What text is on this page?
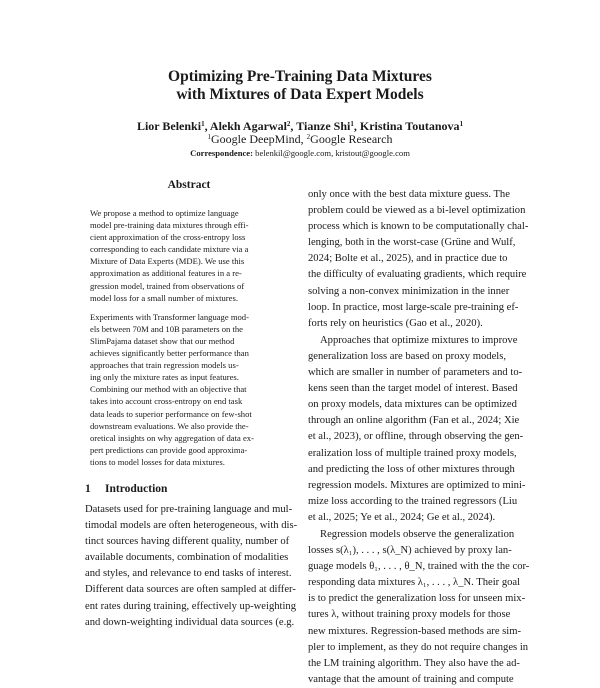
Optimizing Pre-Training Data Mixtures
with Mixtures of Data Expert Models
Lior Belenki$^1$, Alekh Agarwal$^2$, Tianze Shi$^1$, Kristina Toutanova$^1$
$^1$Google DeepMind, $^2$Google Research
Correspondence: belenkil@google.com, kristout@google.com
Abstract
We propose a method to optimize language
model pre-training data mixtures through effi-
cient approximation of the cross-entropy loss
corresponding to each candidate mixture via a
Mixture of Data Experts (MDE). We use this
approximation as additional features in a re-
gression model, trained from observations of
model loss for a small number of mixtures.
Experiments with Transformer language mod-
els between 70M and 10B parameters on the
SlimPajama dataset show that our method
achieves significantly better performance than
approaches that train regression models us-
ing only the mixture rates as input features.
Combining our method with an objective that
takes into account cross-entropy on end task
data leads to superior performance on few-shot
downstream evaluations. We also provide the-
oretical insights on why aggregation of data ex-
pert predictions can provide good approxima-
tions to model losses for data mixtures.
1 Introduction
Datasets used for pre-training language and mul-
timodal models are often heterogeneous, with dis-
tinct sources having different quality, number of
available documents, combination of modalities
and styles, and relevance to end tasks of interest.
Different data sources are often sampled at differ-
ent rates during training, effectively up-weighting
and down-weighting individual data sources (e.g.
only once with the best data mixture guess. The
problem could be viewed as a bi-level optimization
process which is known to be computationally chal-
lenging, both in the worst-case (Grüne and Wulf,
2024; Bolte et al., 2025), and in practice due to
the difficulty of evaluating gradients, which require
solving a non-convex minimization in the inner
loop. In practice, most large-scale pre-training ef-
forts rely on heuristics (Gao et al., 2020).
Approaches that optimize mixtures to improve
generalization loss are based on proxy models,
which are smaller in number of parameters and to-
kens seen than the target model of interest. Based
on proxy models, data mixtures can be optimized
through an online algorithm (Fan et al., 2024; Xie
et al., 2023), or offline, through observing the gen-
eralization loss of multiple trained proxy models,
and predicting the loss of other mixtures through
regression models. Mixtures are optimized to mini-
mize loss according to the trained regressors (Liu
et al., 2025; Ye et al., 2024; Ge et al., 2024).
Regression models observe the generalization
losses s(λ₁), . . . , s(λ_N) achieved by proxy lan-
guage models θ₁, . . . , θ_N, trained with the the cor-
responding data mixtures λ₁, . . . , λ_N. Their goal
is to predict the generalization loss for unseen mix-
tures λ, without training proxy models for those
new mixtures. Regression-based methods are sim-
pler to implement, as they do not require changes in
the LM training algorithm. They also have the ad-
vantage that the amount of training and compute
